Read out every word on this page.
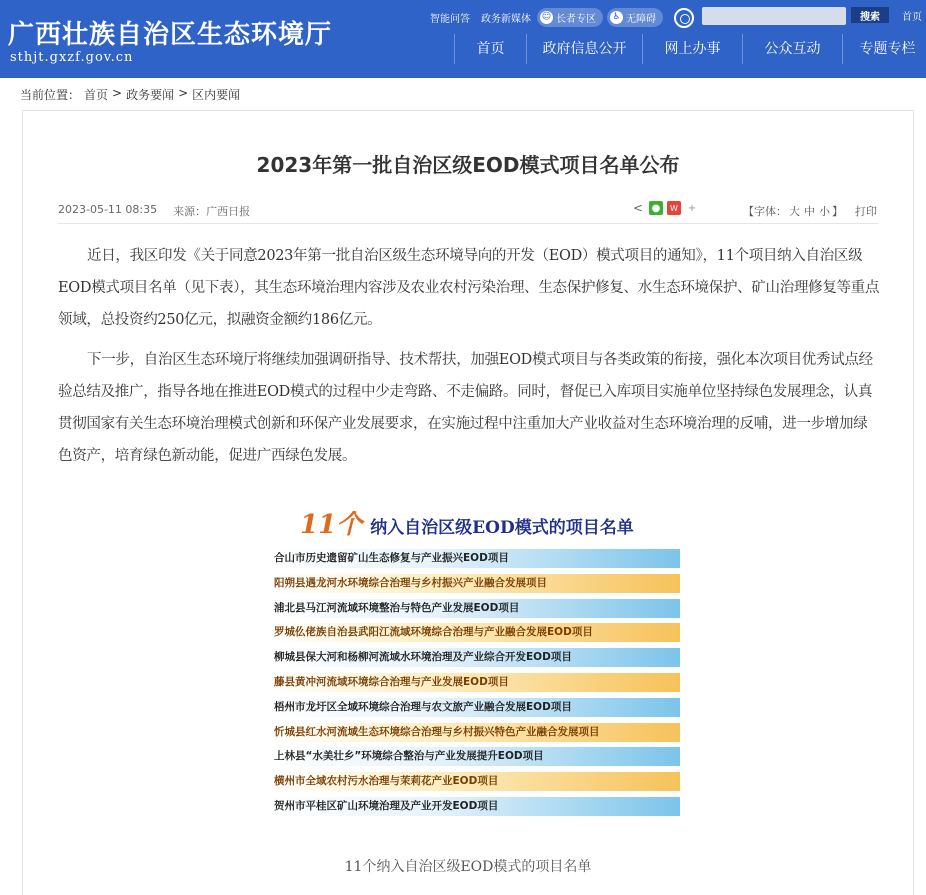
广西壮族自治区生态环境厅
sthjt.gxzf.gov.cn
智能问答 政务新媒体 ☺ 长者专区 ♿ 无障碍	搜索	首页
首页	政府信息公开	网上办事	公众互动	专题专栏
当前位置： 首页 > 政务要闻 > 区内要闻
2023年第一批自治区级EOD模式项目名单公布
2023-05-11 08:35 来源：广西日报	< ●	W +	【字体： 大 中 小 】 打印

近日，我区印发《关于同意2023年第一批自治区级生态环境导向的开发（EOD）模式项目的通知》，11个项目纳入自治区级EOD模式项目名单（见下表），其生态环境治理内容涉及农业农村污染治理、生态保护修复、水生态环境保护、矿山治理修复等重点领域，总投资约250亿元，拟融资金额约186亿元。

下一步，自治区生态环境厅将继续加强调研指导、技术帮扶，加强EOD模式项目与各类政策的衔接，强化本次项目优秀试点经验总结及推广，指导各地在推进EOD模式的过程中少走弯路、不走偏路。同时，督促已入库项目实施单位坚持绿色发展理念，认真贯彻国家有关生态环境治理模式创新和环保产业发展要求，在实施过程中注重加大产业收益对生态环境治理的反哺，进一步增加绿色资产，培育绿色新动能，促进广西绿色发展。

11个 纳入自治区级EOD模式的项目名单
合山市历史遗留矿山生态修复与产业振兴EOD项目
阳朔县遇龙河水环境综合治理与乡村振兴产业融合发展项目
浦北县马江河流域环境整治与特色产业发展EOD项目
罗城仫佬族自治县武阳江流域环境综合治理与产业融合发展EOD项目
柳城县保大河和杨柳河流域水环境治理及产业综合开发EOD项目
藤县黄冲河流域环境综合治理与产业发展EOD项目
梧州市龙圩区全域环境综合治理与农文旅产业融合发展EOD项目
忻城县红水河流域生态环境综合治理与乡村振兴特色产业融合发展项目
上林县“水美壮乡”环境综合整治与产业发展提升EOD项目
横州市全域农村污水治理与茉莉花产业EOD项目
贺州市平桂区矿山环境治理及产业开发EOD项目
11个纳入自治区级EOD模式的项目名单
